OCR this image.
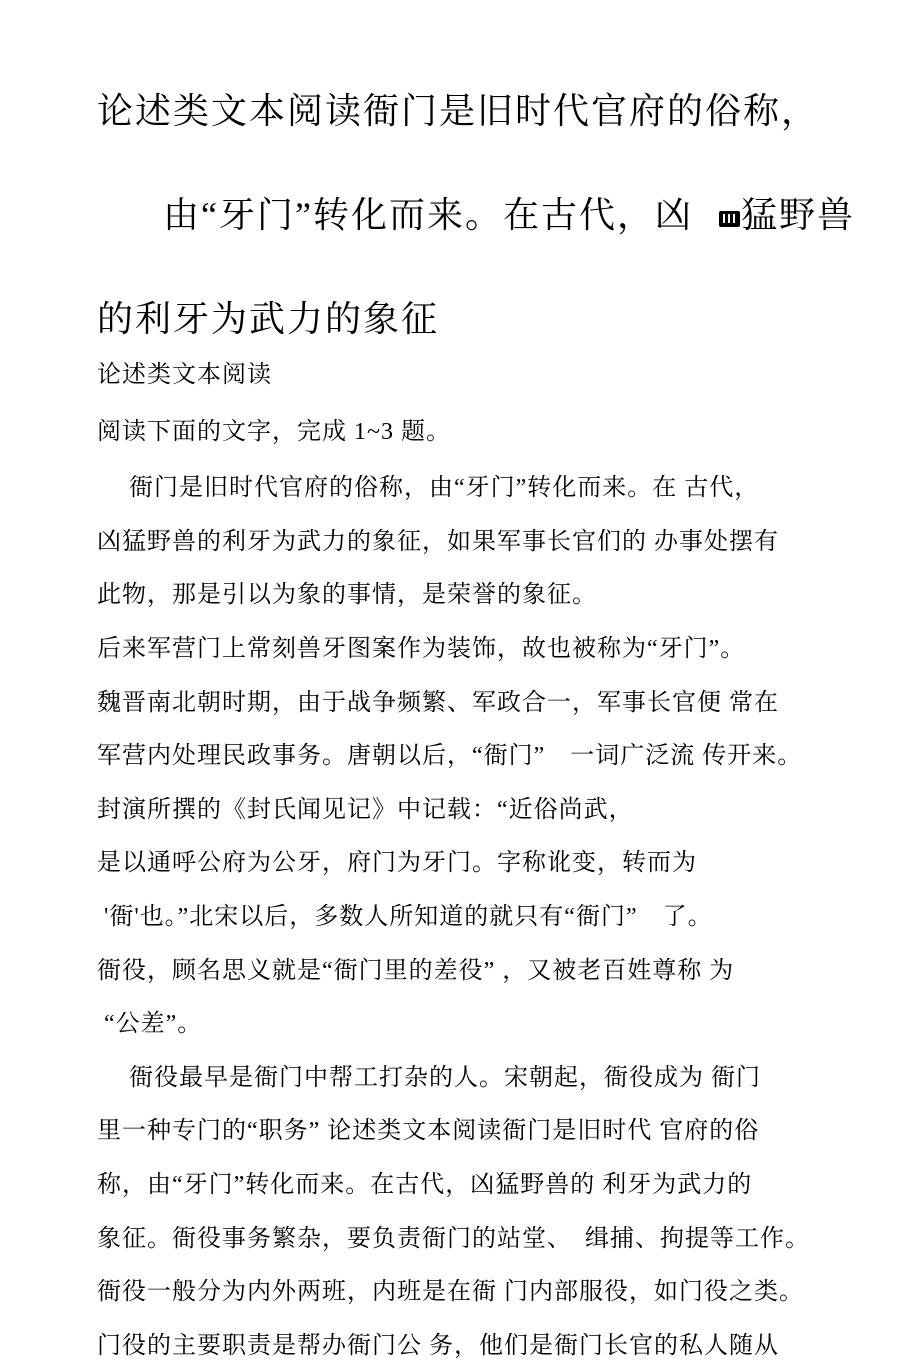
论述类文本阅读衙门是旧时代官府的俗称，

由“牙门”转化而来。在古代，凶 猛野兽

的利牙为武力的象征
论述类文本阅读
阅读下面的文字，完成 1~3 题。
　 衙门是旧时代官府的俗称，由“牙门”转化而来。在 古代，
凶猛野兽的利牙为武力的象征，如果军事长官们的 办事处摆有
此物，那是引以为象的事情，是荣誉的象征。
后来军营门上常刻兽牙图案作为装饰，故也被称为“牙门”。
魏晋南北朝时期，由于战争频繁、军政合一，军事长官便 常在
军营内处理民政事务。唐朝以后，“衙门”　一词广泛流 传开来。
封演所撰的《封氏闻见记》中记载：“近俗尚武，
是以通呼公府为公牙，府门为牙门。字称讹变，转而为
'衙'也。”北宋以后，多数人所知道的就只有“衙门”　了。
衙役，顾名思义就是“衙门里的差役” ，又被老百姓尊称 为
“公差”。
　 衙役最早是衙门中帮工打杂的人。宋朝起，衙役成为 衙门
里一种专门的“职务” 论述类文本阅读衙门是旧时代 官府的俗
称，由“牙门”转化而来。在古代，凶猛野兽的 利牙为武力的
象征。衙役事务繁杂，要负责衙门的站堂、　缉捕、拘提等工作。
衙役一般分为内外两班，内班是在衙 门内部服役，如门役之类。
门役的主要职责是帮办衙门公 务，他们是衙门长官的私人随从
